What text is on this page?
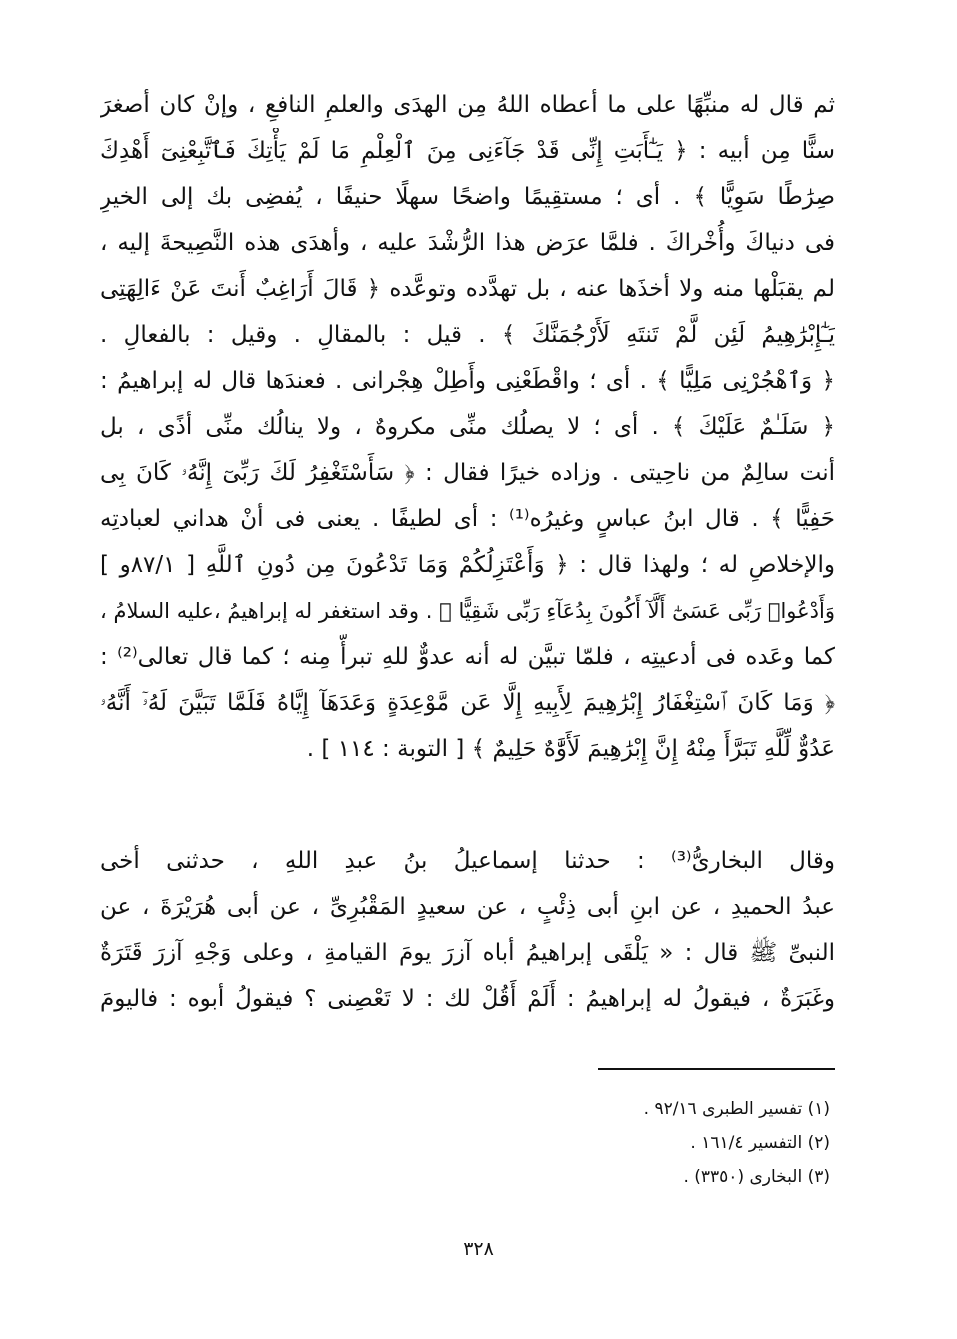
ثم قال له منبِّهًا على ما أعطاه اللهُ مِن الهدَى والعلمِ النافعِ ، وإنْ كان أصغرَ
سنًّا مِن أبيه : ﴿ يَـٰٓأَبَتِ إِنِّى قَدْ جَآءَنِى مِنَ ٱلْعِلْمِ مَا لَمْ يَأْتِكَ فَٱتَّبِعْنِىٓ أَهْدِكَ
صِرَٰطًا سَوِيًّا ﴾ . أى ؛ مستقِيمًا واضحًا سهلًا حنيفًا ، يُفضِى بك إلى الخيرِ
فى دنياكَ وأُخْراكَ . فلمَّا عرَض هذا الرُّشْدَ عليه ، وأهدَى هذه النَّصِيحةَ إليه ،
لم يقبَلْها منه ولا أخذَها عنه ، بل تهدَّده وتوعَّده ﴿ قَالَ أَرَاغِبٌ أَنتَ عَنْ ءَالِهَتِى
يَـٰٓإِبْرَٰهِيمُ لَئِن لَّمْ تَنتَهِ لَأَرْجُمَنَّكَ ﴾ . قيل : بالمقالِ . وقيل : بالفعالِ .
﴿ وَٱهْجُرْنِى مَلِيًّا ﴾ . أى ؛ واقْطَعْنِى وأَطِلْ هِجْرانى . فعندَها قال له إبراهيمُ :
﴿ سَلَـٰمٌ عَلَيْكَ ﴾ . أى ؛ لا يصلُك منِّى مكروهٌ ، ولا ينالُك منِّى أذًى ، بل
أنت سالِمٌ من ناحِيتى . وزاده خيرًا فقال : ﴿ سَأَسْتَغْفِرُ لَكَ رَبِّىٓ إِنَّهُۥ كَانَ بِى
حَفِيًّا ﴾ . قال ابنُ عباسٍ وغيرُه⁽¹⁾ : أى لطيفًا . يعنى فى أنْ هداني لعبادتِه
والإخلاصِ له ؛ ولهذا قال : ﴿ وَأَعْتَزِلُكُمْ وَمَا تَدْعُونَ مِن دُونِ ٱللَّهِ [ ٨٧/١و ]
وَأَدْعُوا۟ رَبِّى عَسَىٰٓ أَلَّآ أَكُونَ بِدُعَآءِ رَبِّى شَقِيًّا ﴾ . وقد استغفر له إبراهيمُ ،عليه السلامُ ،
كما وعَده فى أدعيتِه ، فلمّا تبيَّن له أنه عدوٌّ للهِ تبرأَّ مِنه ؛ كما قال تعالى⁽²⁾ :
﴿ وَمَا كَانَ ٱسْتِغْفَارُ إِبْرَٰهِيمَ لِأَبِيهِ إِلَّا عَن مَّوْعِدَةٍ وَعَدَهَآ إِيَّاهُ فَلَمَّا تَبَيَّنَ لَهُۥٓ أَنَّهُۥ
عَدُوٌّ لِّلَّهِ تَبَرَّأَ مِنْهُ إِنَّ إِبْرَٰهِيمَ لَأَوَّٰهٌ حَلِيمٌ ﴾ [ التوبة : ١١٤ ] .
وقال البخارىُّ⁽³⁾ : حدثنا إسماعيلُ بنُ عبدِ اللهِ ، حدثنى أخى
عبدُ الحميدِ ، عن ابنِ أبى ذِئْبٍ ، عن سعيدٍ المَقْبُرِىِّ ، عن أبى هُرَيْرَةَ ، عن
النبىِّ ﷺ قال : « يَلْقَى إبراهيمُ أباه آزرَ يومَ القيامةِ ، وعلى وَجْهِ آزرَ قَتَرَةٌ
وغَبَرَةٌ ، فيقولُ له إبراهيمُ : أَلَمْ أَقُلْ لك : لا تَعْصِنى ؟ فيقولُ أبوه : فاليومَ
(١) تفسير الطبرى ٩٢/١٦ .
(٢) التفسير ١٦١/٤ .
(٣) البخارى (٣٣٥٠) .
٣٢٨
